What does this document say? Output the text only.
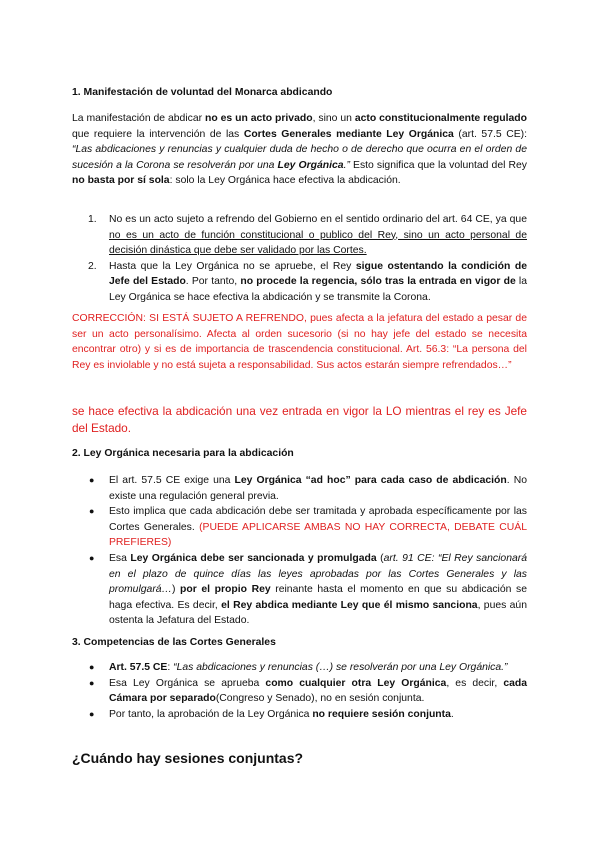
1. Manifestación de voluntad del Monarca abdicando
La manifestación de abdicar no es un acto privado, sino un acto constitucionalmente regulado que requiere la intervención de las Cortes Generales mediante Ley Orgánica (art. 57.5 CE): “Las abdicaciones y renuncias y cualquier duda de hecho o de derecho que ocurra en el orden de sucesión a la Corona se resolverán por una Ley Orgánica.” Esto significa que la voluntad del Rey no basta por sí sola: solo la Ley Orgánica hace efectiva la abdicación.
1. No es un acto sujeto a refrendo del Gobierno en el sentido ordinario del art. 64 CE, ya que no es un acto de función constitucional o publico del Rey, sino un acto personal de decisión dinástica que debe ser validado por las Cortes.
2. Hasta que la Ley Orgánica no se apruebe, el Rey sigue ostentando la condición de Jefe del Estado. Por tanto, no procede la regencia, sólo tras la entrada en vigor de la Ley Orgánica se hace efectiva la abdicación y se transmite la Corona.
CORRECCIÓN: SI ESTÁ SUJETO A REFRENDO, pues afecta a la jefatura del estado a pesar de ser un acto personalísimo. Afecta al orden sucesorio (si no hay jefe del estado se necesita encontrar otro) y si es de importancia de trascendencia constitucional. Art. 56.3: “La persona del Rey es inviolable y no está sujeta a responsabilidad. Sus actos estarán siempre refrendados…”
se hace efectiva la abdicación una vez entrada en vigor la LO mientras el rey es Jefe del Estado.
2. Ley Orgánica necesaria para la abdicación
● El art. 57.5 CE exige una Ley Orgánica “ad hoc” para cada caso de abdicación. No existe una regulación general previa.
● Esto implica que cada abdicación debe ser tramitada y aprobada específicamente por las Cortes Generales. (PUEDE APLICARSE AMBAS NO HAY CORRECTA, DEBATE CUÁL PREFIERES)
● Esa Ley Orgánica debe ser sancionada y promulgada (art. 91 CE: “El Rey sancionará en el plazo de quince días las leyes aprobadas por las Cortes Generales y las promulgará…) por el propio Rey reinante hasta el momento en que su abdicación se haga efectiva. Es decir, el Rey abdica mediante Ley que él mismo sanciona, pues aún ostenta la Jefatura del Estado.
3. Competencias de las Cortes Generales
● Art. 57.5 CE: “Las abdicaciones y renuncias (…) se resolverán por una Ley Orgánica.”
● Esa Ley Orgánica se aprueba como cualquier otra Ley Orgánica, es decir, cada Cámara por separado(Congreso y Senado), no en sesión conjunta.
● Por tanto, la aprobación de la Ley Orgánica no requiere sesión conjunta.
¿Cuándo hay sesiones conjuntas?
